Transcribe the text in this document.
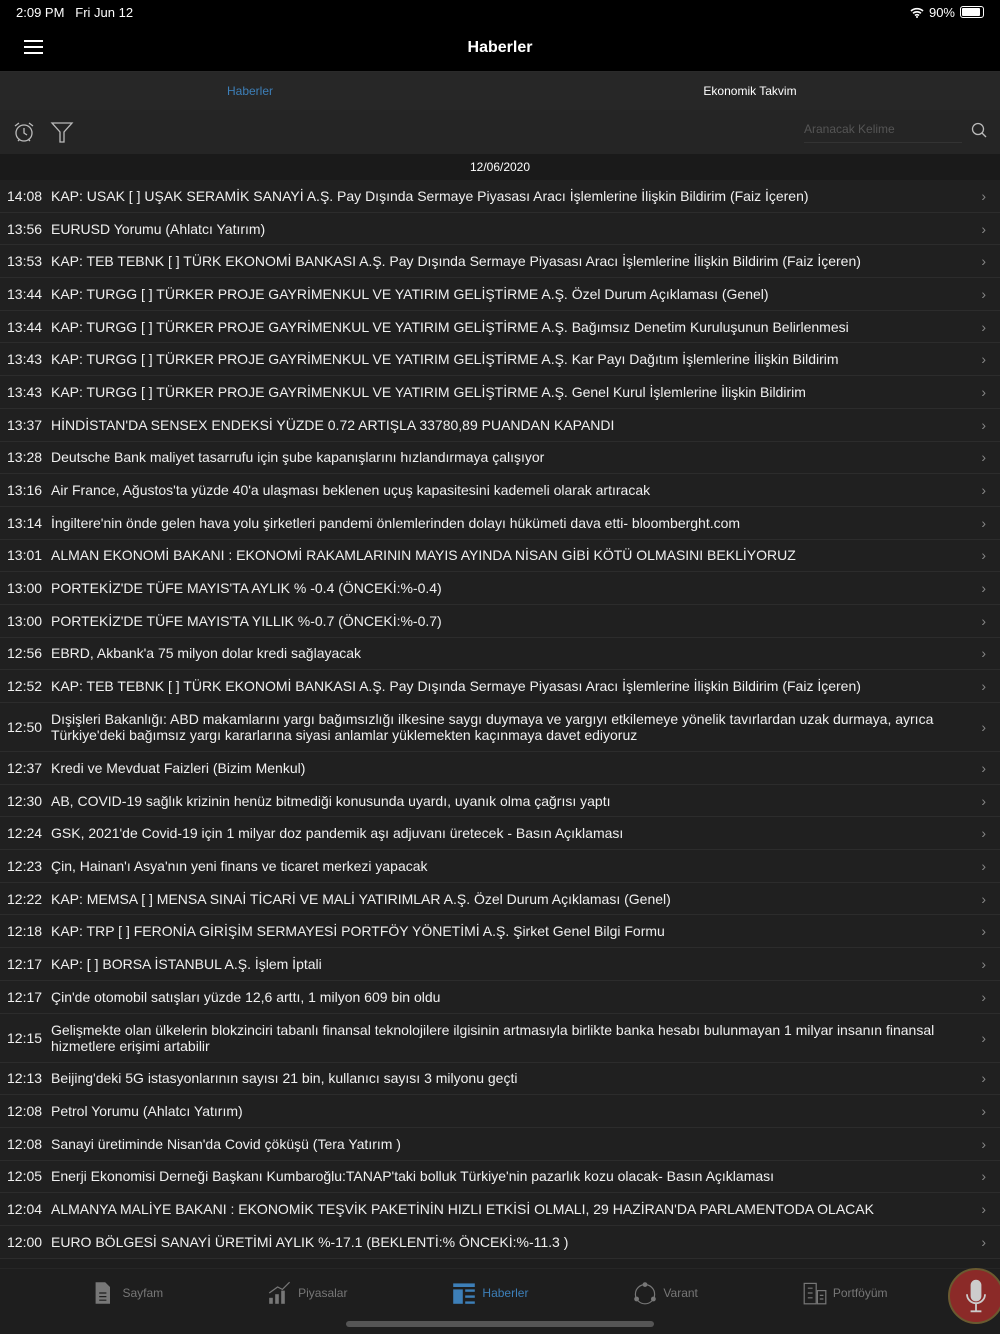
2:09 PM Fri Jun 12	90%
Haberler
Haberler	Ekonomik Takvim
Aranacak Kelime
12/06/2020
14:08 KAP: USAK [ ] UŞAK SERAMİK SANAYİ A.Ş. Pay Dışında Sermaye Piyasası Aracı İşlemlerine İlişkin Bildirim (Faiz İçeren)	›
13:56 EURUSD Yorumu (Ahlatcı Yatırım)	›
13:53 KAP: TEB TEBNK [ ] TÜRK EKONOMİ BANKASI A.Ş. Pay Dışında Sermaye Piyasası Aracı İşlemlerine İlişkin Bildirim (Faiz İçeren)	›
13:44 KAP: TURGG [ ] TÜRKER PROJE GAYRİMENKUL VE YATIRIM GELİŞTİRME A.Ş. Özel Durum Açıklaması (Genel)	›
13:44 KAP: TURGG [ ] TÜRKER PROJE GAYRİMENKUL VE YATIRIM GELİŞTİRME A.Ş. Bağımsız Denetim Kuruluşunun Belirlenmesi	›
13:43 KAP: TURGG [ ] TÜRKER PROJE GAYRİMENKUL VE YATIRIM GELİŞTİRME A.Ş. Kar Payı Dağıtım İşlemlerine İlişkin Bildirim	›
13:43 KAP: TURGG [ ] TÜRKER PROJE GAYRİMENKUL VE YATIRIM GELİŞTİRME A.Ş. Genel Kurul İşlemlerine İlişkin Bildirim	›
13:37 HİNDİSTAN'DA SENSEX ENDEKSİ YÜZDE 0.72 ARTIŞLA 33780,89 PUANDAN KAPANDI	›
13:28 Deutsche Bank maliyet tasarrufu için şube kapanışlarını hızlandırmaya çalışıyor	›
13:16 Air France, Ağustos'ta yüzde 40'a ulaşması beklenen uçuş kapasitesini kademeli olarak artıracak	›
13:14 İngiltere'nin önde gelen hava yolu şirketleri pandemi önlemlerinden dolayı hükümeti dava etti- bloomberght.com	›
13:01 ALMAN EKONOMİ BAKANI : EKONOMİ RAKAMLARININ MAYIS AYINDA NİSAN GİBİ KÖTÜ OLMASINI BEKLİYORUZ	›
13:00 PORTEKİZ'DE TÜFE MAYIS'TA AYLIK % -0.4 (ÖNCEKİ:%-0.4)	›
13:00 PORTEKİZ'DE TÜFE MAYIS'TA YILLIK %-0.7 (ÖNCEKİ:%-0.7)	›
12:56 EBRD, Akbank'a 75 milyon dolar kredi sağlayacak	›
12:52 KAP: TEB TEBNK [ ] TÜRK EKONOMİ BANKASI A.Ş. Pay Dışında Sermaye Piyasası Aracı İşlemlerine İlişkin Bildirim (Faiz İçeren)	›
12:50 Dışişleri Bakanlığı: ABD makamlarını yargı bağımsızlığı ilkesine saygı duymaya ve yargıyı etkilemeye yönelik tavırlardan uzak durmaya, ayrıca Türkiye'deki bağımsız yargı kararlarına siyasi anlamlar yüklemekten kaçınmaya davet ediyoruz	›
12:37 Kredi ve Mevduat Faizleri (Bizim Menkul)	›
12:30 AB, COVID-19 sağlık krizinin henüz bitmediği konusunda uyardı, uyanık olma çağrısı yaptı	›
12:24 GSK, 2021'de Covid-19 için 1 milyar doz pandemik aşı adjuvanı üretecek - Basın Açıklaması	›
12:23 Çin, Hainan'ı Asya'nın yeni finans ve ticaret merkezi yapacak	›
12:22 KAP: MEMSA [ ] MENSA SINAİ TİCARİ VE MALİ YATIRIMLAR A.Ş. Özel Durum Açıklaması (Genel)	›
12:18 KAP: TRP [ ] FERONİA GİRİŞİM SERMAYESİ PORTFÖY YÖNETİMİ A.Ş. Şirket Genel Bilgi Formu	›
12:17 KAP: [ ] BORSA İSTANBUL A.Ş. İşlem İptali	›
12:17 Çin'de otomobil satışları yüzde 12,6 arttı, 1 milyon 609 bin oldu	›
12:15 Gelişmekte olan ülkelerin blokzinciri tabanlı finansal teknolojilere ilgisinin artmasıyla birlikte banka hesabı bulunmayan 1 milyar insanın finansal hizmetlere erişimi artabilir	›
12:13 Beijing'deki 5G istasyonlarının sayısı 21 bin, kullanıcı sayısı 3 milyonu geçti	›
12:08 Petrol Yorumu (Ahlatcı Yatırım)	›
12:08 Sanayi üretiminde Nisan'da Covid çöküşü (Tera Yatırım )	›
12:05 Enerji Ekonomisi Derneği Başkanı Kumbaroğlu:TANAP'taki bolluk Türkiye'nin pazarlık kozu olacak- Basın Açıklaması	›
12:04 ALMANYA MALİYE BAKANI : EKONOMİK TEŞVİK PAKETİNİN HIZLI ETKİSİ OLMALI, 29 HAZİRAN'DA PARLAMENTODA OLACAK	›
12:00 EURO BÖLGESİ SANAYİ ÜRETİMİ AYLIK %-17.1 (BEKLENTİ:% ÖNCEKİ:%-11.3 )	›
Sayfam	Piyasalar	Haberler	Varant	Portföyüm
